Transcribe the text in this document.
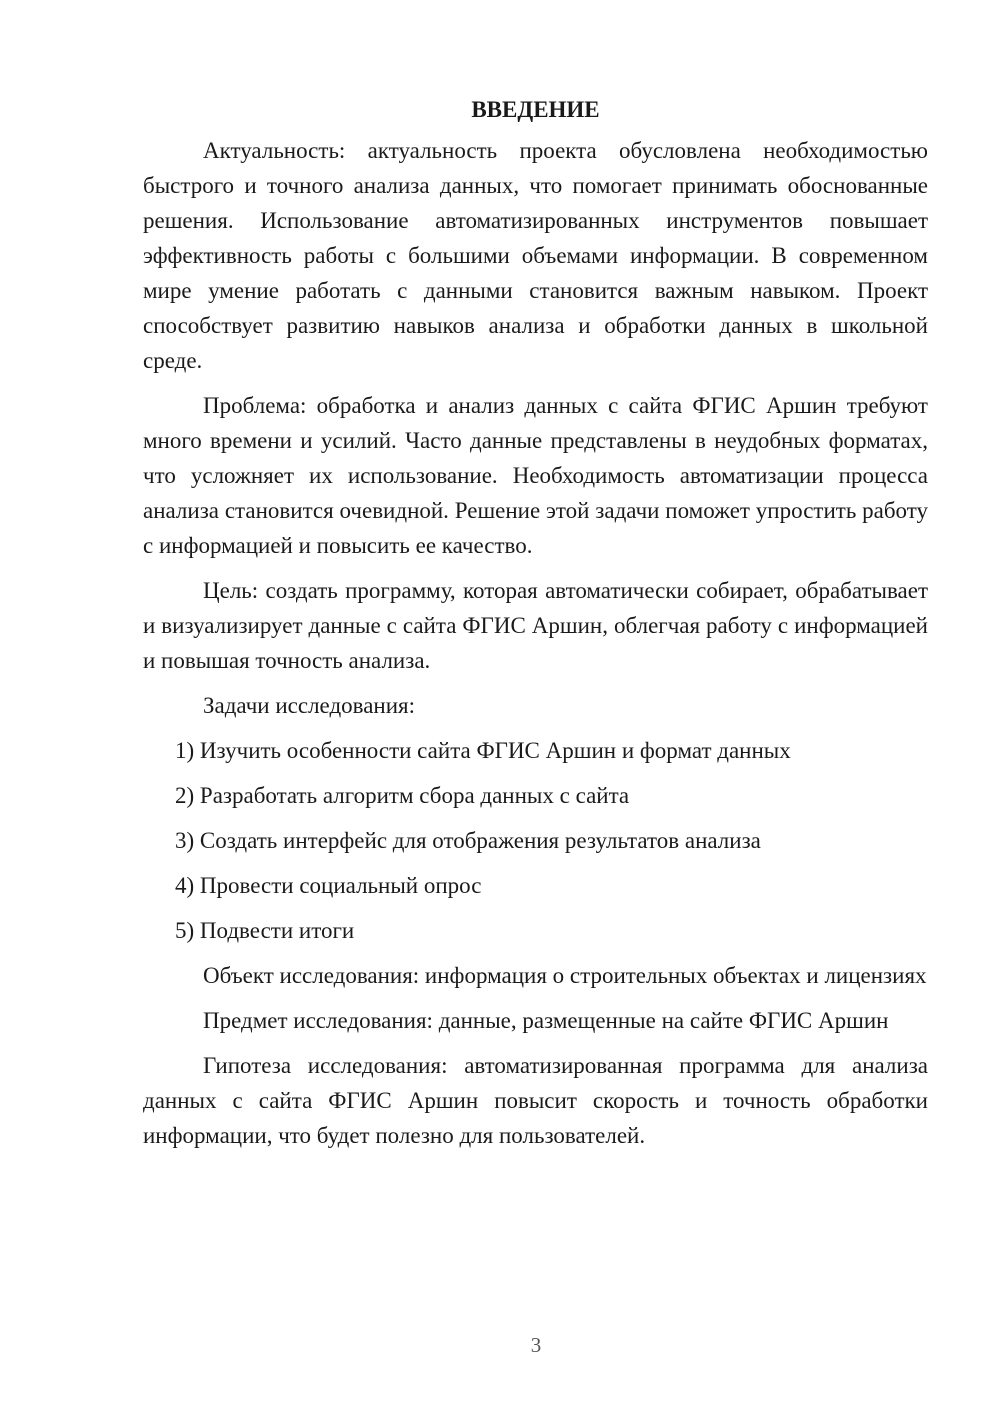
ВВЕДЕНИЕ

Актуальность: актуальность проекта обусловлена необходимостью быстрого и точного анализа данных, что помогает принимать обоснованные решения. Использование автоматизированных инструментов повышает эффективность работы с большими объемами информации. В современном мире умение работать с данными становится важным навыком. Проект способствует развитию навыков анализа и обработки данных в школьной среде.

Проблема: обработка и анализ данных с сайта ФГИС Аршин требуют много времени и усилий. Часто данные представлены в неудобных форматах, что усложняет их использование. Необходимость автоматизации процесса анализа становится очевидной. Решение этой задачи поможет упростить работу с информацией и повысить ее качество.

Цель: создать программу, которая автоматически собирает, обрабатывает и визуализирует данные с сайта ФГИС Аршин, облегчая работу с информацией и повышая точность анализа.

Задачи исследования:

1) Изучить особенности сайта ФГИС Аршин и формат данных
2) Разработать алгоритм сбора данных с сайта
3) Создать интерфейс для отображения результатов анализа
4) Провести социальный опрос
5) Подвести итоги

Объект исследования: информация о строительных объектах и лицензиях

Предмет исследования: данные, размещенные на сайте ФГИС Аршин

Гипотеза исследования: автоматизированная программа для анализа данных с сайта ФГИС Аршин повысит скорость и точность обработки информации, что будет полезно для пользователей.

3
